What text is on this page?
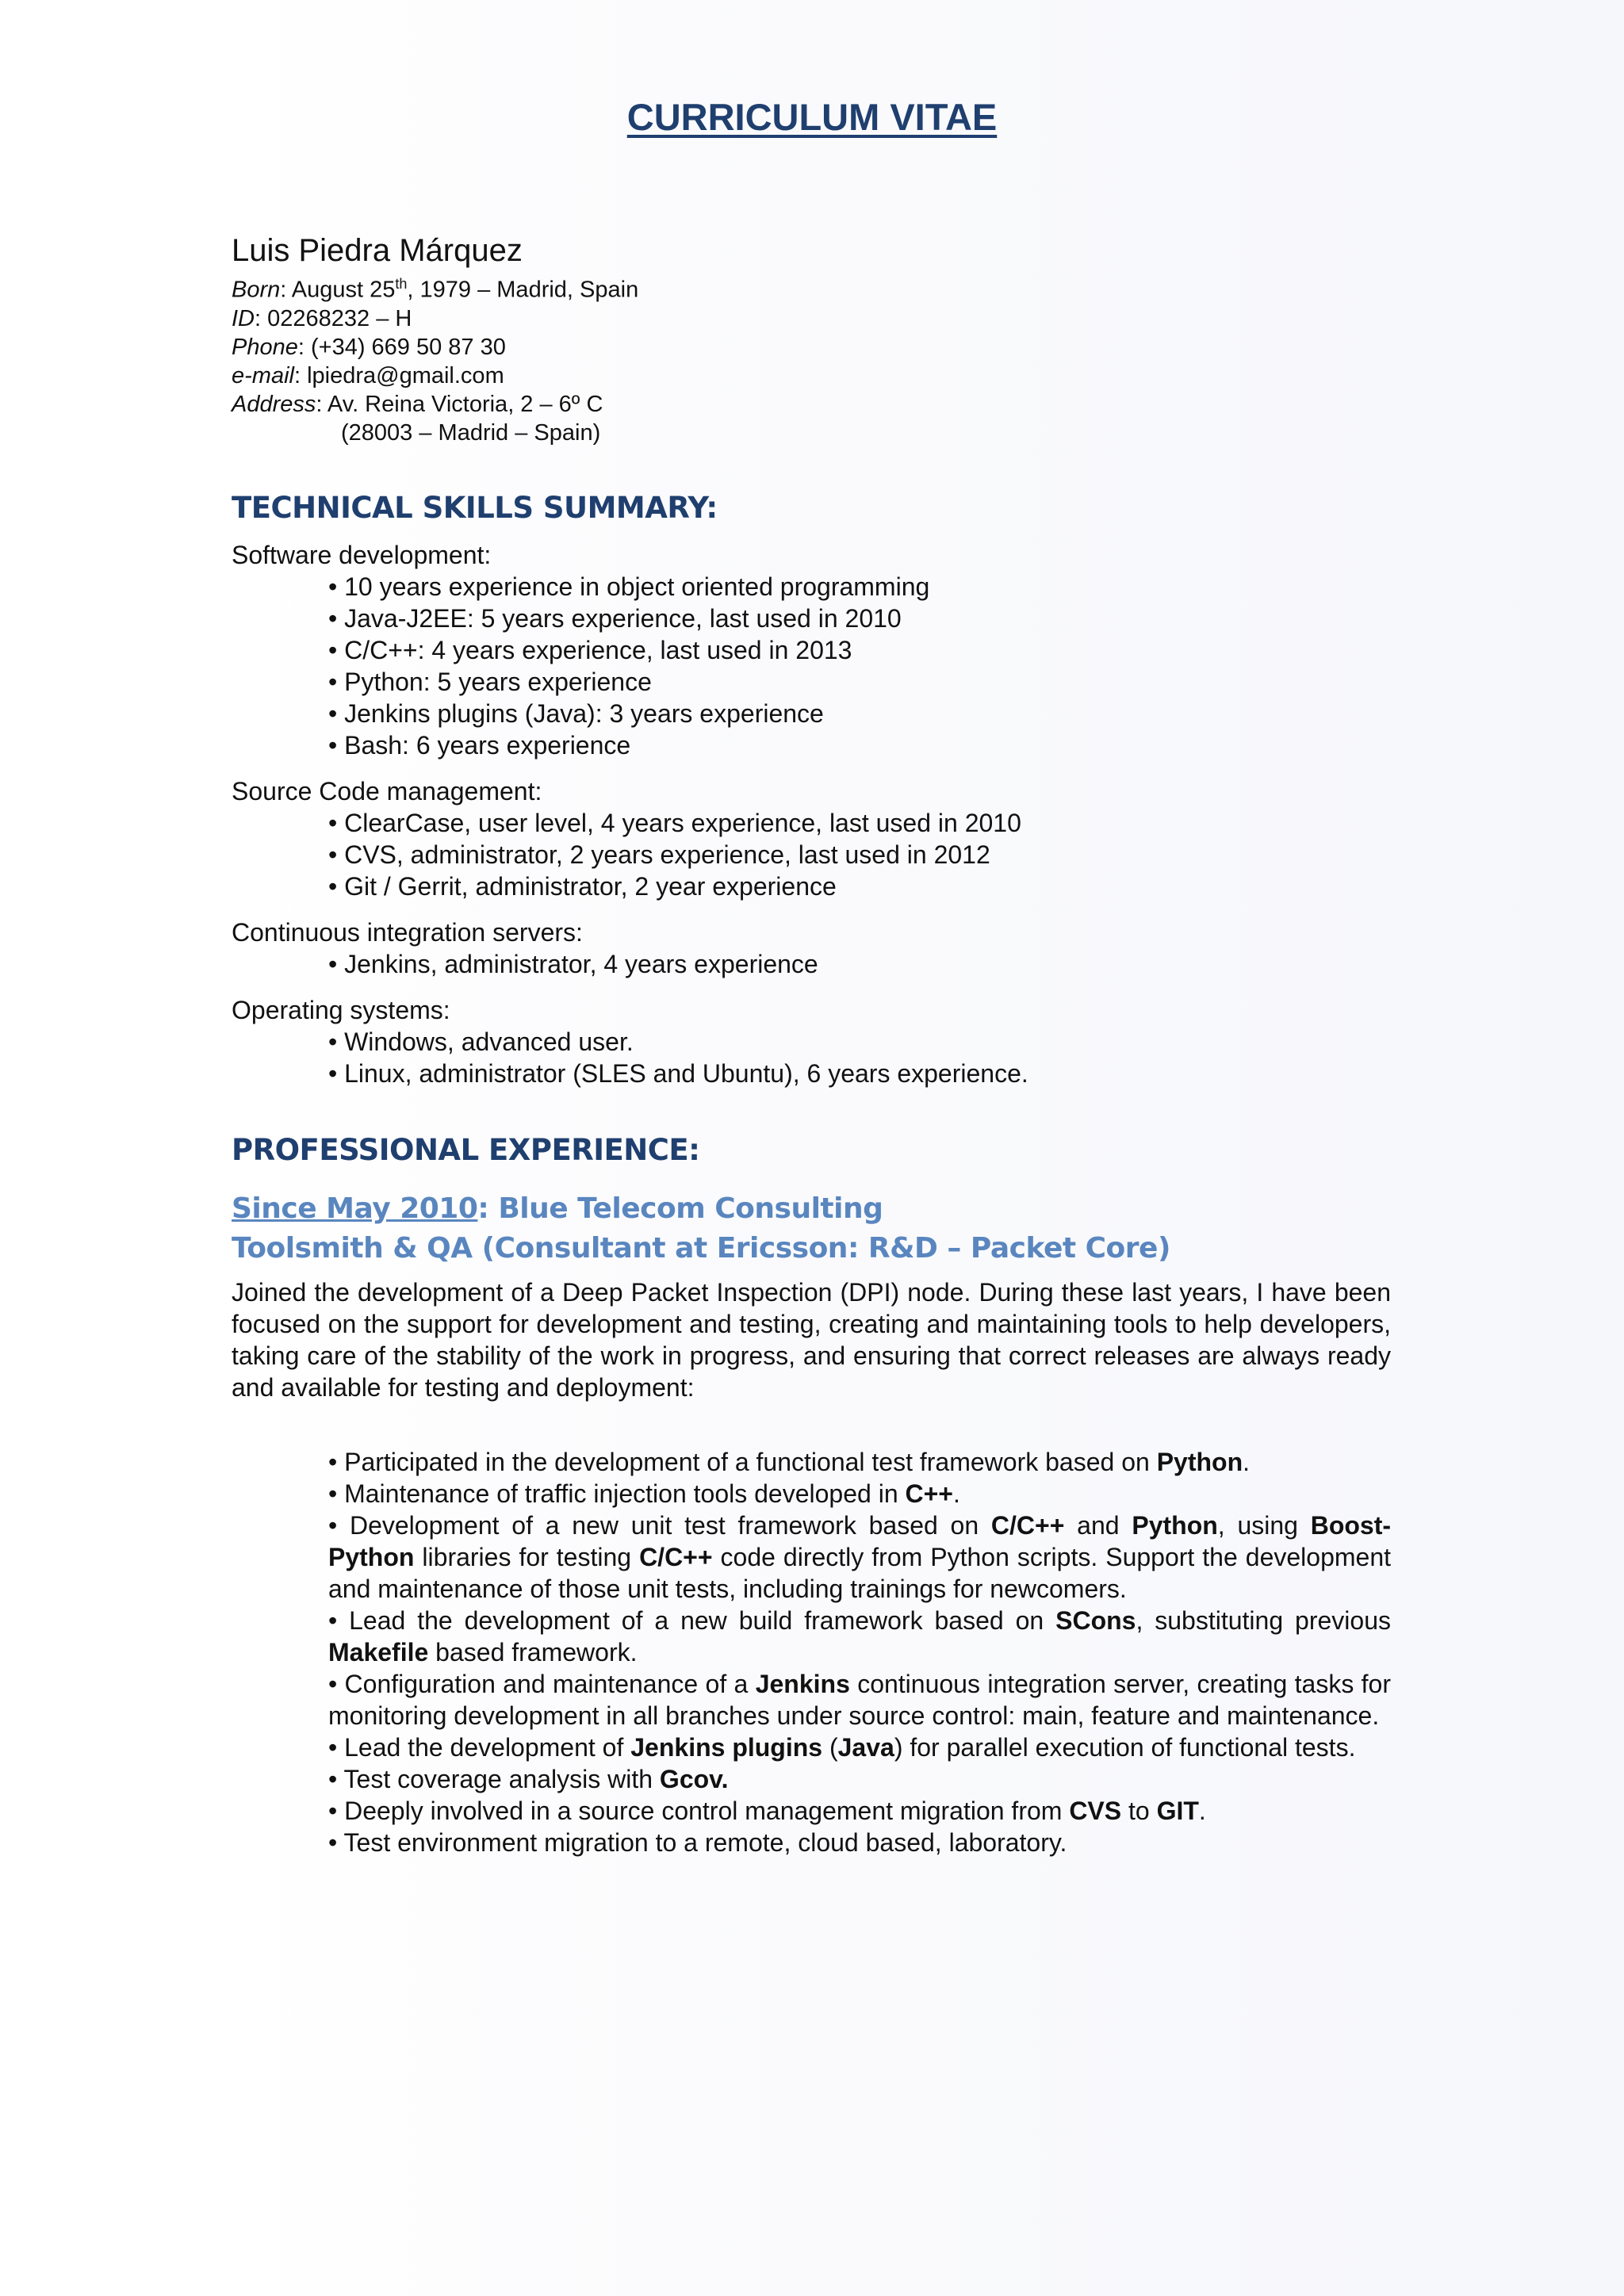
CURRICULUM VITAE
Luis Piedra Márquez
Born: August 25th, 1979 – Madrid, Spain
ID: 02268232 – H
Phone: (+34) 669 50 87 30
e-mail: lpiedra@gmail.com
Address: Av. Reina Victoria, 2 – 6º C
(28003 – Madrid – Spain)
TECHNICAL SKILLS SUMMARY:
Software development:
• 10 years experience in object oriented programming
• Java-J2EE: 5 years experience, last used in 2010
• C/C++: 4 years experience, last used in 2013
• Python: 5 years experience
• Jenkins plugins (Java): 3 years experience
• Bash: 6 years experience
Source Code management:
• ClearCase, user level, 4 years experience, last used in 2010
• CVS, administrator, 2 years experience, last used in 2012
• Git / Gerrit, administrator, 2 year experience
Continuous integration servers:
• Jenkins, administrator, 4 years experience
Operating systems:
• Windows, advanced user.
• Linux, administrator (SLES and Ubuntu), 6 years experience.
PROFESSIONAL EXPERIENCE:
Since May 2010: Blue Telecom Consulting
Toolsmith & QA (Consultant at Ericsson: R&D – Packet Core)
Joined the development of a Deep Packet Inspection (DPI) node. During these last years, I have been focused on the support for development and testing, creating and maintaining tools to help developers, taking care of the stability of the work in progress, and ensuring that correct releases are always ready and available for testing and deployment:
• Participated in the development of a functional test framework based on Python.
• Maintenance of traffic injection tools developed in C++.
• Development of a new unit test framework based on C/C++ and Python, using Boost-Python libraries for testing C/C++ code directly from Python scripts. Support the development and maintenance of those unit tests, including trainings for newcomers.
• Lead the development of a new build framework based on SCons, substituting previous Makefile based framework.
• Configuration and maintenance of a Jenkins continuous integration server, creating tasks for monitoring development in all branches under source control: main, feature and maintenance.
• Lead the development of Jenkins plugins (Java) for parallel execution of functional tests.
• Test coverage analysis with Gcov.
• Deeply involved in a source control management migration from CVS to GIT.
• Test environment migration to a remote, cloud based, laboratory.
